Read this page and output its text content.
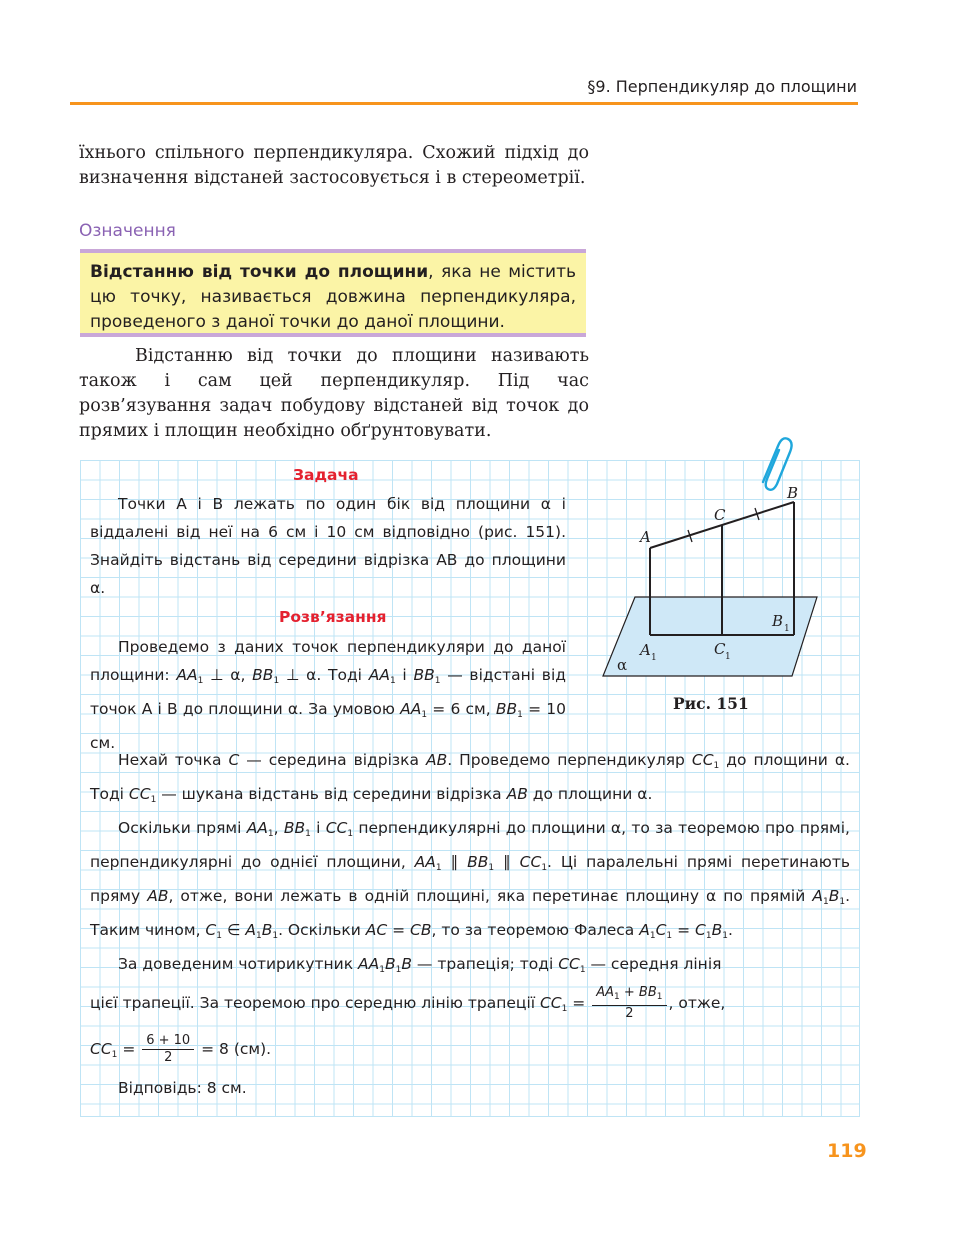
§9. Перпендикуляр до площини

їхнього спільного перпендикуляра. Схожий підхід до визначення відстаней застосовується і в стереометрії.

Означення
Відстанню від точки до площини, яка не містить цю точку, називається довжина перпендикуляра, проведеного з даної точки до даної площини.

Відстанню від точки до площини називають також і сам цей перпендикуляр. Під час розв’язування задач побудову відстаней від точок до прямих і площин необхідно обґрунтовувати.

Задача

Точки A і B лежать по один бік від площини α і віддалені від неї на 6 см і 10 см відповідно (рис. 151). Знайдіть відстань від середини відрізка AB до площини α.

Розв’язання

Проведемо з даних точок перпендикуляри до даної площини: $AA_1$ ⊥ α, $BB_1$ ⊥ α. Тоді $AA_1$ і $BB_1$ — відстані від точок A і B до площини α. За умовою $AA_1 = 6$ см, $BB_1 = 10$ см.

Нехай точка C — середина відрізка AB. Проведемо перпендикуляр $CC_1$ до площини α. Тоді $CC_1$ — шукана відстань від середини відрізка AB до площини α.

Оскільки прямі $AA_1$, $BB_1$ і $CC_1$ перпендикулярні до площини α, то за теоремою про прямі, перпендикулярні до однієї площини, $AA_1$ ∥ $BB_1$ ∥ $CC_1$. Ці паралельні прямі перетинають пряму AB, отже, вони лежать в одній площині, яка перетинає площину α по прямій $A_1B_1$. Таким чином, $C_1$ ∈ $A_1B_1$. Оскільки AC = CB, то за теоремою Фалеса $A_1C_1 = C_1B_1$.

За доведеним чотирикутник $AA_1B_1B$ — трапеція; тоді $CC_1$ — середня лінія

цієї трапеції. За теоремою про середню лінію трапеції $CC_1 = \frac{AA_1 + BB_1}{2}$ , отже,

$CC_1 = \frac{6 + 10}{2} = 8$ (см).

Відповідь: 8 см.

A
B
C
A 1	C 1
B 1
α
Рис. 151
119
